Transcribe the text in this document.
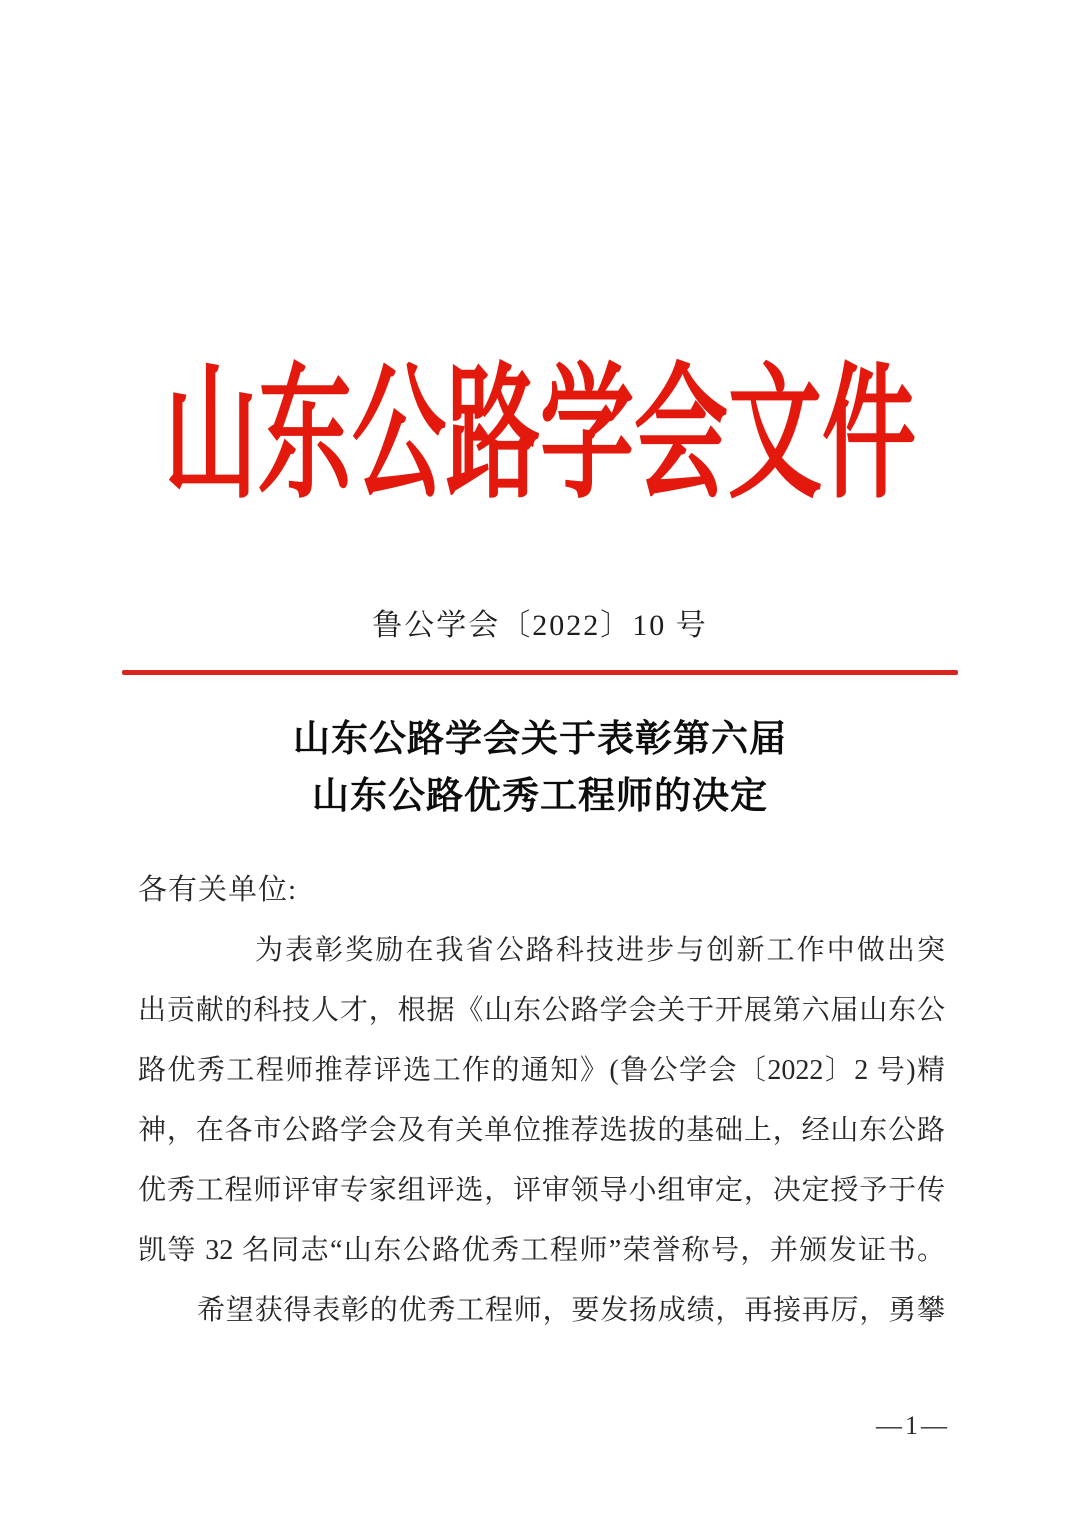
山东公路学会文件
鲁公学会〔2022〕10 号
山东公路学会关于表彰第六届
山东公路优秀工程师的决定
各有关单位:
为表彰奖励在我省公路科技进步与创新工作中做出突
出贡献的科技人才，根据《山东公路学会关于开展第六届山东公
路优秀工程师推荐评选工作的通知》(鲁公学会〔2022〕2 号)精
神，在各市公路学会及有关单位推荐选拔的基础上，经山东公路
优秀工程师评审专家组评选，评审领导小组审定，决定授予于传
凯等 32 名同志“山东公路优秀工程师”荣誉称号，并颁发证书。
希望获得表彰的优秀工程师，要发扬成绩，再接再厉，勇攀
—1—
